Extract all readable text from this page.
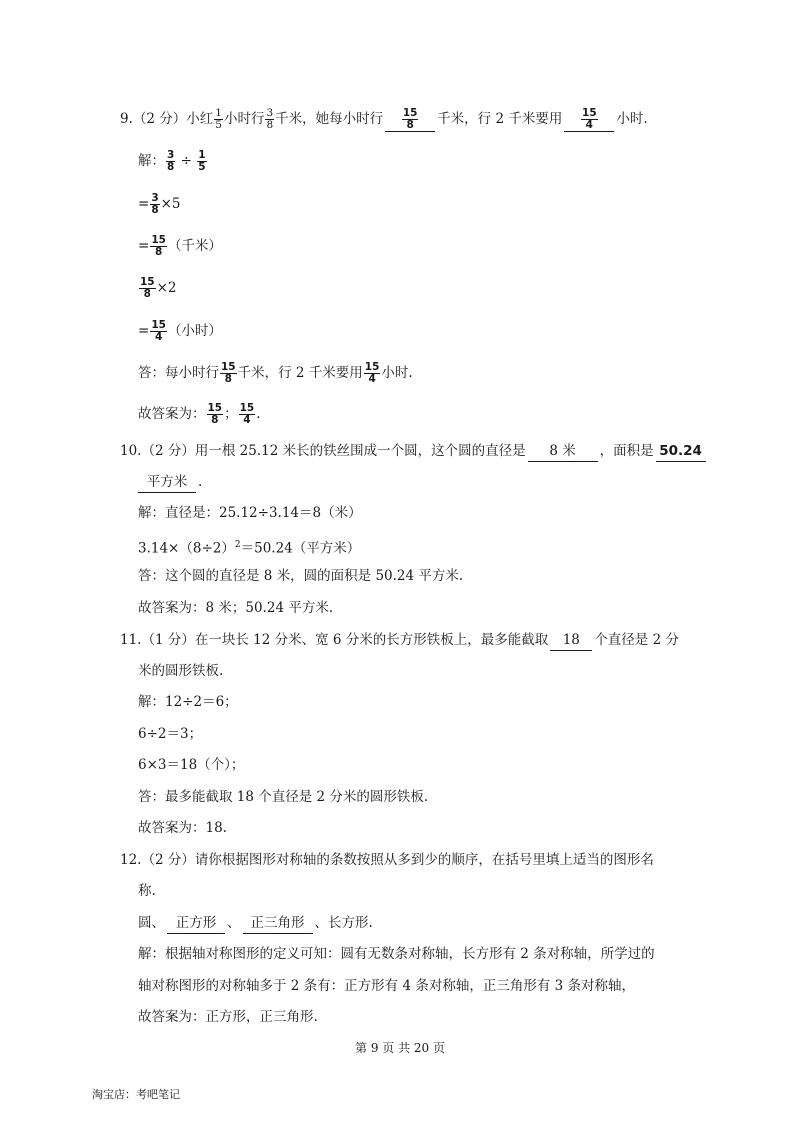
9.（2 分）小红 $\frac{1}{5}$ 小时行 $\frac{3}{8}$ 千米，她每小时行 $\frac{15}{8}$ 千米，行 2 千米要用 $\frac{15}{4}$ 小时.
解： $\frac{3}{8} \div \frac{1}{5}$
= $\frac{3}{8} \times 5$
= $\frac{15}{8}$ （千米）
$\frac{15}{8} \times 2$
= $\frac{15}{4}$ （小时）
答：每小时行 $\frac{15}{8}$ 千米，行 2 千米要用 $\frac{15}{4}$ 小时.
故答案为： $\frac{15}{8}$ ； $\frac{15}{4}$ .
10.（2 分）用一根 25.12 米长的铁丝围成一个圆，这个圆的直径是 8 米 ，面积是 50.24
平方米 .
解：直径是：25.12÷3.14＝8（米）
$3.14\times(8\div 2)^2=50.24$（平方米）
答：这个圆的直径是 8 米，圆的面积是 50.24 平方米.
故答案为：8 米；50.24 平方米.
11.（1 分）在一块长 12 分米、宽 6 分米的长方形铁板上，最多能截取 18 个直径是 2 分
米的圆形铁板.
解：12÷2＝6；
6÷2＝3；
6×3＝18（个）；
答：最多能截取 18 个直径是 2 分米的圆形铁板.
故答案为：18.
12.（2 分）请你根据图形对称轴的条数按照从多到少的顺序，在括号里填上适当的图形名
称.
圆、 正方形 、 正三角形 、长方形.
解：根据轴对称图形的定义可知：圆有无数条对称轴，长方形有 2 条对称轴，所学过的
轴对称图形的对称轴多于 2 条有：正方形有 4 条对称轴，正三角形有 3 条对称轴，
故答案为：正方形，正三角形.
第 9 页 共 20 页
淘宝店：考吧笔记
